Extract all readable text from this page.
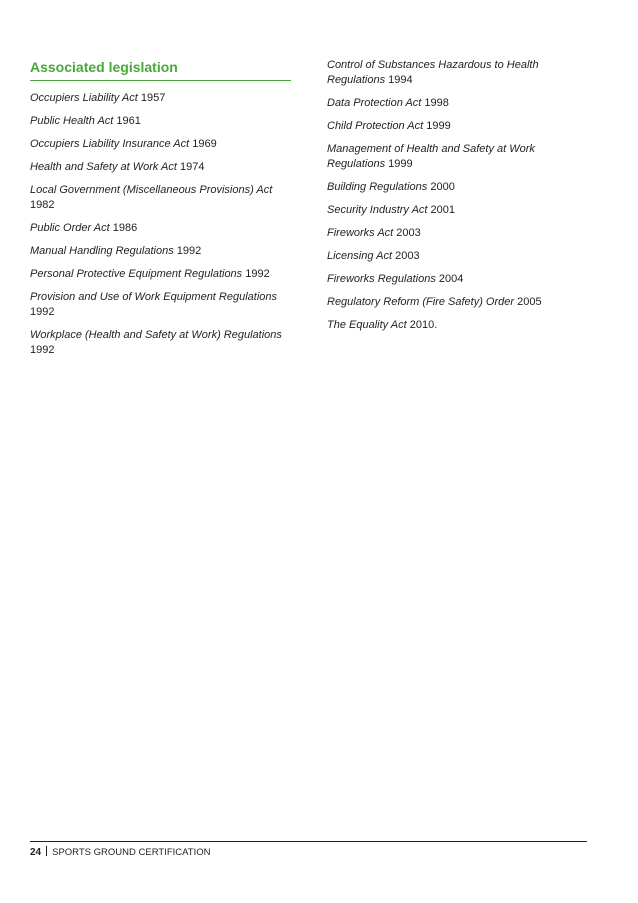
Associated legislation

Occupiers Liability Act 1957

Public Health Act 1961

Occupiers Liability Insurance Act 1969

Health and Safety at Work Act 1974

Local Government (Miscellaneous Provisions) Act 1982

Public Order Act 1986

Manual Handling Regulations 1992

Personal Protective Equipment Regulations 1992

Provision and Use of Work Equipment Regulations 1992

Workplace (Health and Safety at Work) Regulations 1992

Control of Substances Hazardous to Health Regulations 1994

Data Protection Act 1998

Child Protection Act 1999

Management of Health and Safety at Work Regulations 1999

Building Regulations 2000

Security Industry Act 2001

Fireworks Act 2003

Licensing Act 2003

Fireworks Regulations 2004

Regulatory Reform (Fire Safety) Order 2005

The Equality Act 2010.

24 SPORTS GROUND CERTIFICATION
